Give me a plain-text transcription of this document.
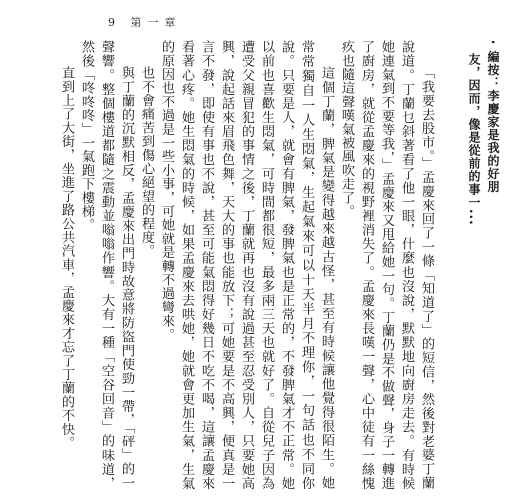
9 第一章
‧ 編按：李慶家是我的好朋
友，因而，像是從前的事一...

「我要去股市。」孟慶來回了一條「知道了」的短信，然後對老婆丁蘭說道。丁蘭乜斜著看了他一眼，什麼也沒說，默默地向廚房走去。有時候她連氣到不要等我，」孟慶來又甩給她一句。丁蘭仍是不做聲，身子一轉進了廚房，就從孟慶來的視野裡消失了。孟慶來長嘆一聲，心中徒有一絲愧疚也隨這聲嘆氣被風吹走了。

這個丁蘭，脾氣是變得越來越古怪，甚至有時候讓他覺得很陌生。她常常獨自一人生悶氣，生起氣來可以十天半月不理你，一句話也不同你說。只要是人，就會有脾氣，發脾氣也是正常的，不發脾氣才不正常。她以前也喜歡生悶氣，可時間都很短，最多兩三天也就好了。自從兒子因為遭受父親冒犯的事情之後，丁蘭就再也沒有說過甚至忍受別人，只要她高興，說起話來眉飛色舞，天大的事也能放下；可她要是不高興，便真是一言不發，即使有事也不說，甚至可能氣悶得好幾日不吃不喝，這讓孟慶來看著心疼。她生悶氣的時候，如果孟慶來去哄她，她就會更加生氣，生氣的原因也不過是一些小事，可她就是轉不過彎來。

也不會痛苦到傷心絕望的程度。

與丁蘭的沉默相反，孟慶來出門時故意將防盜門使勁一帶，「砰」的一聲響。整個樓道都隨之震動並嗡嗡作響。大有一種「空谷回音」的味道，然後「咚咚咚」一氣跑下樓梯。

直到上了大街，坐進了路公共汽車，孟慶來才忘了丁蘭的不快。
